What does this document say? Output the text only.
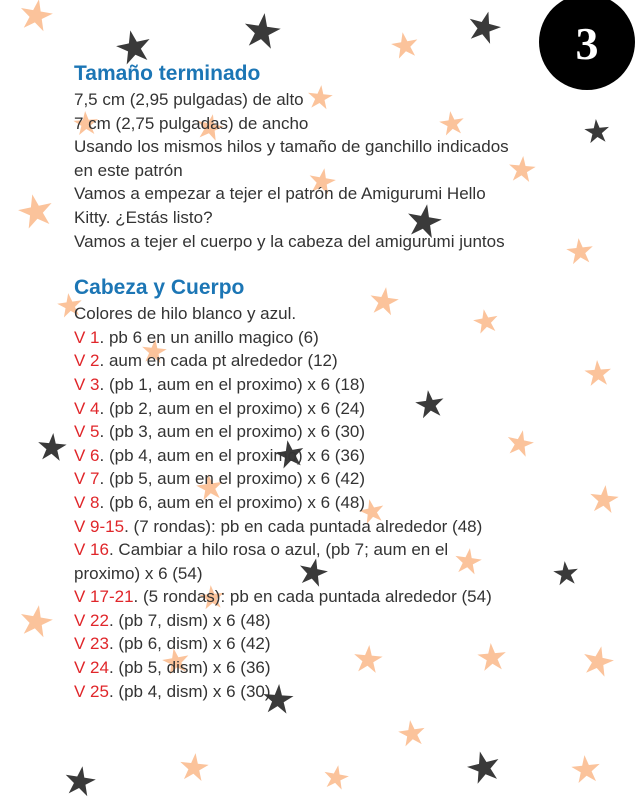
3
Tamaño terminado

7,5 cm (2,95 pulgadas) de alto

7 cm (2,75 pulgadas) de ancho

Usando los mismos hilos y tamaño de ganchillo indicados

en este patrón

Vamos a empezar a tejer el patrón de Amigurumi Hello

Kitty. ¿Estás listo?

Vamos a tejer el cuerpo y la cabeza del amigurumi juntos

Cabeza y Cuerpo

Colores de hilo blanco y azul.

V 1. pb 6 en un anillo magico (6)

V 2. aum en cada pt alrededor (12)

V 3. (pb 1, aum en el proximo) x 6 (18)

V 4. (pb 2, aum en el proximo) x 6 (24)

V 5. (pb 3, aum en el proximo) x 6 (30)

V 6. (pb 4, aum en el proximo) x 6 (36)

V 7. (pb 5, aum en el proximo) x 6 (42)

V 8. (pb 6, aum en el proximo) x 6 (48)

V 9-15. (7 rondas): pb en cada puntada alrededor (48)

V 16. Cambiar a hilo rosa o azul, (pb 7; aum en el

proximo) x 6 (54)

V 17-21. (5 rondas): pb en cada puntada alrededor (54)

V 22. (pb 7, dism) x 6 (48)

V 23. (pb 6, dism) x 6 (42)

V 24. (pb 5, dism) x 6 (36)

V 25. (pb 4, dism) x 6 (30)
